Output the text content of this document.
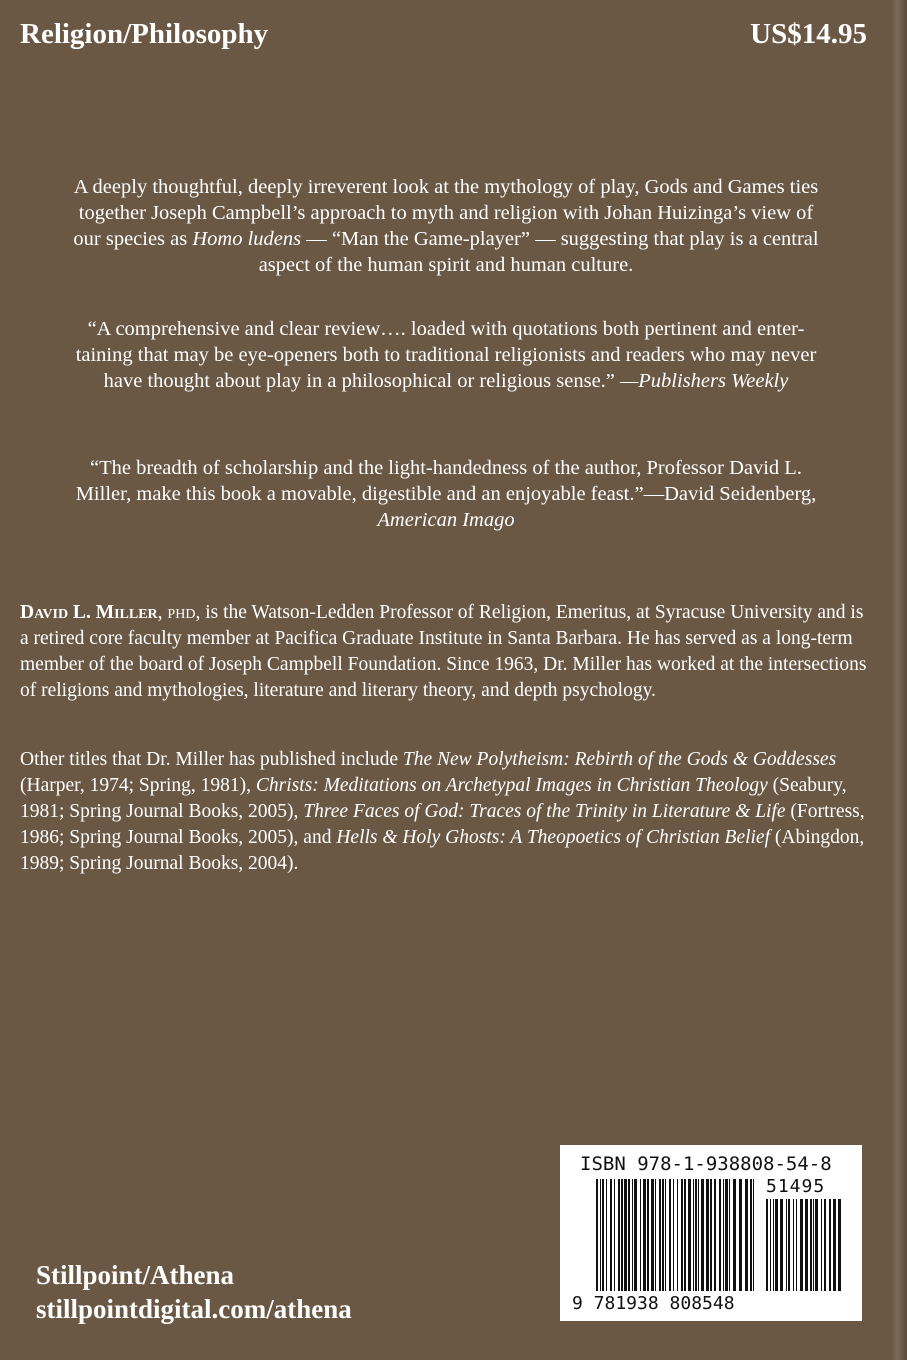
Religion/Philosophy	US$14.95
A deeply thoughtful, deeply irreverent look at the mythology of play, Gods and Games ties
together Joseph Campbell’s approach to myth and religion with Johan Huizinga’s view of
our species as Homo ludens — “Man the Game-player” — suggesting that play is a central
aspect of the human spirit and human culture.
“A comprehensive and clear review…. loaded with quotations both pertinent and enter-
taining that may be eye-openers both to traditional religionists and readers who may never
have thought about play in a philosophical or religious sense.” —Publishers Weekly
“The breadth of scholarship and the light-handedness of the author, Professor David L.
Miller, make this book a movable, digestible and an enjoyable feast.”—David Seidenberg,
American Imago
David L. Miller, phd, is the Watson-Ledden Professor of Religion, Emeritus, at Syracuse University and is a retired core faculty member at Pacifica Graduate Institute in Santa Barbara. He has served as a long-term member of the board of Joseph Campbell Foundation. Since 1963, Dr. Miller has worked at the intersections of religions and mythologies, literature and literary theory, and depth psychology.
Other titles that Dr. Miller has published include The New Polytheism: Rebirth of the Gods & Goddesses (Harper, 1974; Spring, 1981), Christs: Meditations on Archetypal Images in Christian Theology (Seabury, 1981; Spring Journal Books, 2005), Three Faces of God: Traces of the Trinity in Literature & Life (Fortress, 1986; Spring Journal Books, 2005), and Hells & Holy Ghosts: A Theopoetics of Christian Belief (Abingdon, 1989; Spring Journal Books, 2004).
ISBN 978-1-938808-54-8
51495
9 781938 808548
Stillpoint/Athena
stillpointdigital.com/athena
